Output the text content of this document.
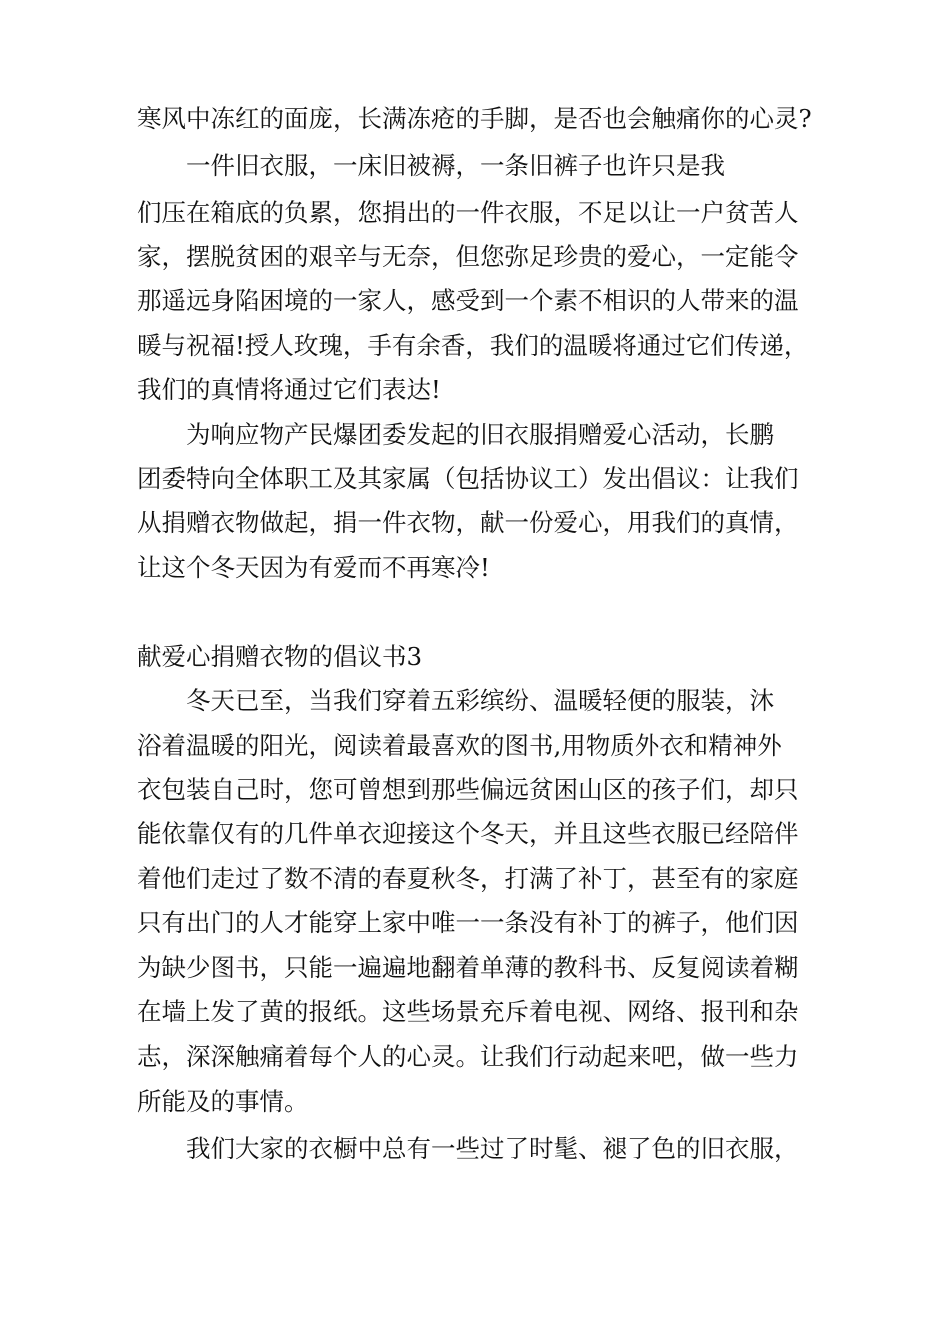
寒风中冻红的面庞，长满冻疮的手脚，是否也会触痛你的心灵?
一件旧衣服，一床旧被褥，一条旧裤子也许只是我
们压在箱底的负累，您捐出的一件衣服，不足以让一户贫苦人
家，摆脱贫困的艰辛与无奈，但您弥足珍贵的爱心，一定能令
那遥远身陷困境的一家人，感受到一个素不相识的人带来的温
暖与祝福!授人玫瑰，手有余香，我们的温暖将通过它们传递，
我们的真情将通过它们表达!
为响应物产民爆团委发起的旧衣服捐赠爱心活动，长鹏
团委特向全体职工及其家属（包括协议工）发出倡议：让我们
从捐赠衣物做起，捐一件衣物，献一份爱心，用我们的真情，
让这个冬天因为有爱而不再寒冷!
献爱心捐赠衣物的倡议书3
冬天已至，当我们穿着五彩缤纷、温暖轻便的服装，沐
浴着温暖的阳光，阅读着最喜欢的图书,用物质外衣和精神外
衣包装自己时，您可曾想到那些偏远贫困山区的孩子们，却只
能依靠仅有的几件单衣迎接这个冬天，并且这些衣服已经陪伴
着他们走过了数不清的春夏秋冬，打满了补丁，甚至有的家庭
只有出门的人才能穿上家中唯一一条没有补丁的裤子，他们因
为缺少图书，只能一遍遍地翻着单薄的教科书、反复阅读着糊
在墙上发了黄的报纸。这些场景充斥着电视、网络、报刊和杂
志，深深触痛着每个人的心灵。让我们行动起来吧，做一些力
所能及的事情。
我们大家的衣橱中总有一些过了时髦、褪了色的旧衣服，
